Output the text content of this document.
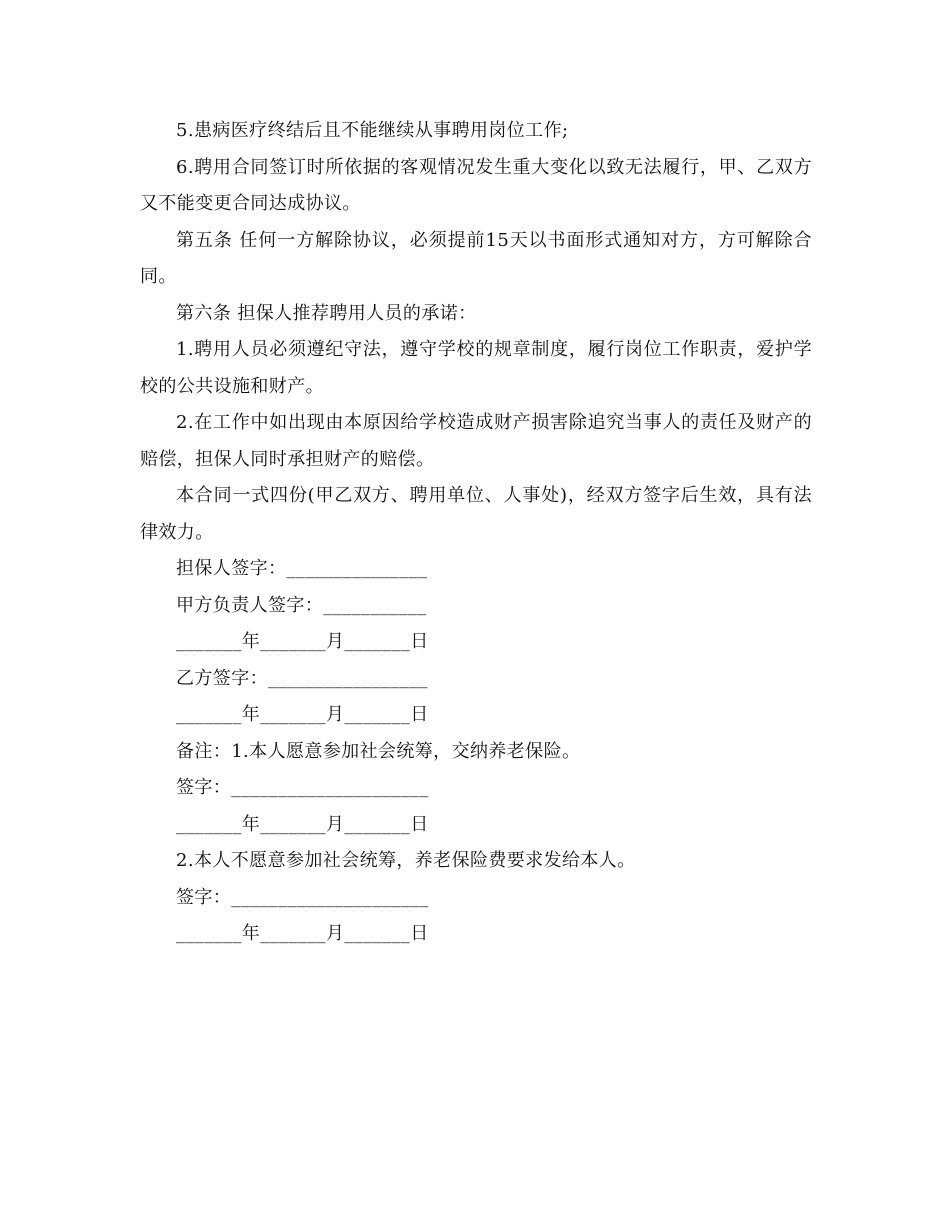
5.患病医疗终结后且不能继续从事聘用岗位工作;

6.聘用合同签订时所依据的客观情况发生重大变化以致无法履行，甲、乙双方又不能变更合同达成协议。

第五条 任何一方解除协议，必须提前15天以书面形式通知对方，方可解除合同。

第六条 担保人推荐聘用人员的承诺：

1.聘用人员必须遵纪守法，遵守学校的规章制度，履行岗位工作职责，爱护学校的公共设施和财产。

2.在工作中如出现由本原因给学校造成财产损害除追究当事人的责任及财产的赔偿，担保人同时承担财产的赔偿。

本合同一式四份(甲乙双方、聘用单位、人事处)，经双方签字后生效，具有法律效力。

担保人签字：_______________

甲方负责人签字：___________

_______年_______月_______日

乙方签字：_________________

_______年_______月_______日

备注：1.本人愿意参加社会统筹，交纳养老保险。

签字：_____________________

_______年_______月_______日

2.本人不愿意参加社会统筹，养老保险费要求发给本人。

签字：_____________________

_______年_______月_______日
